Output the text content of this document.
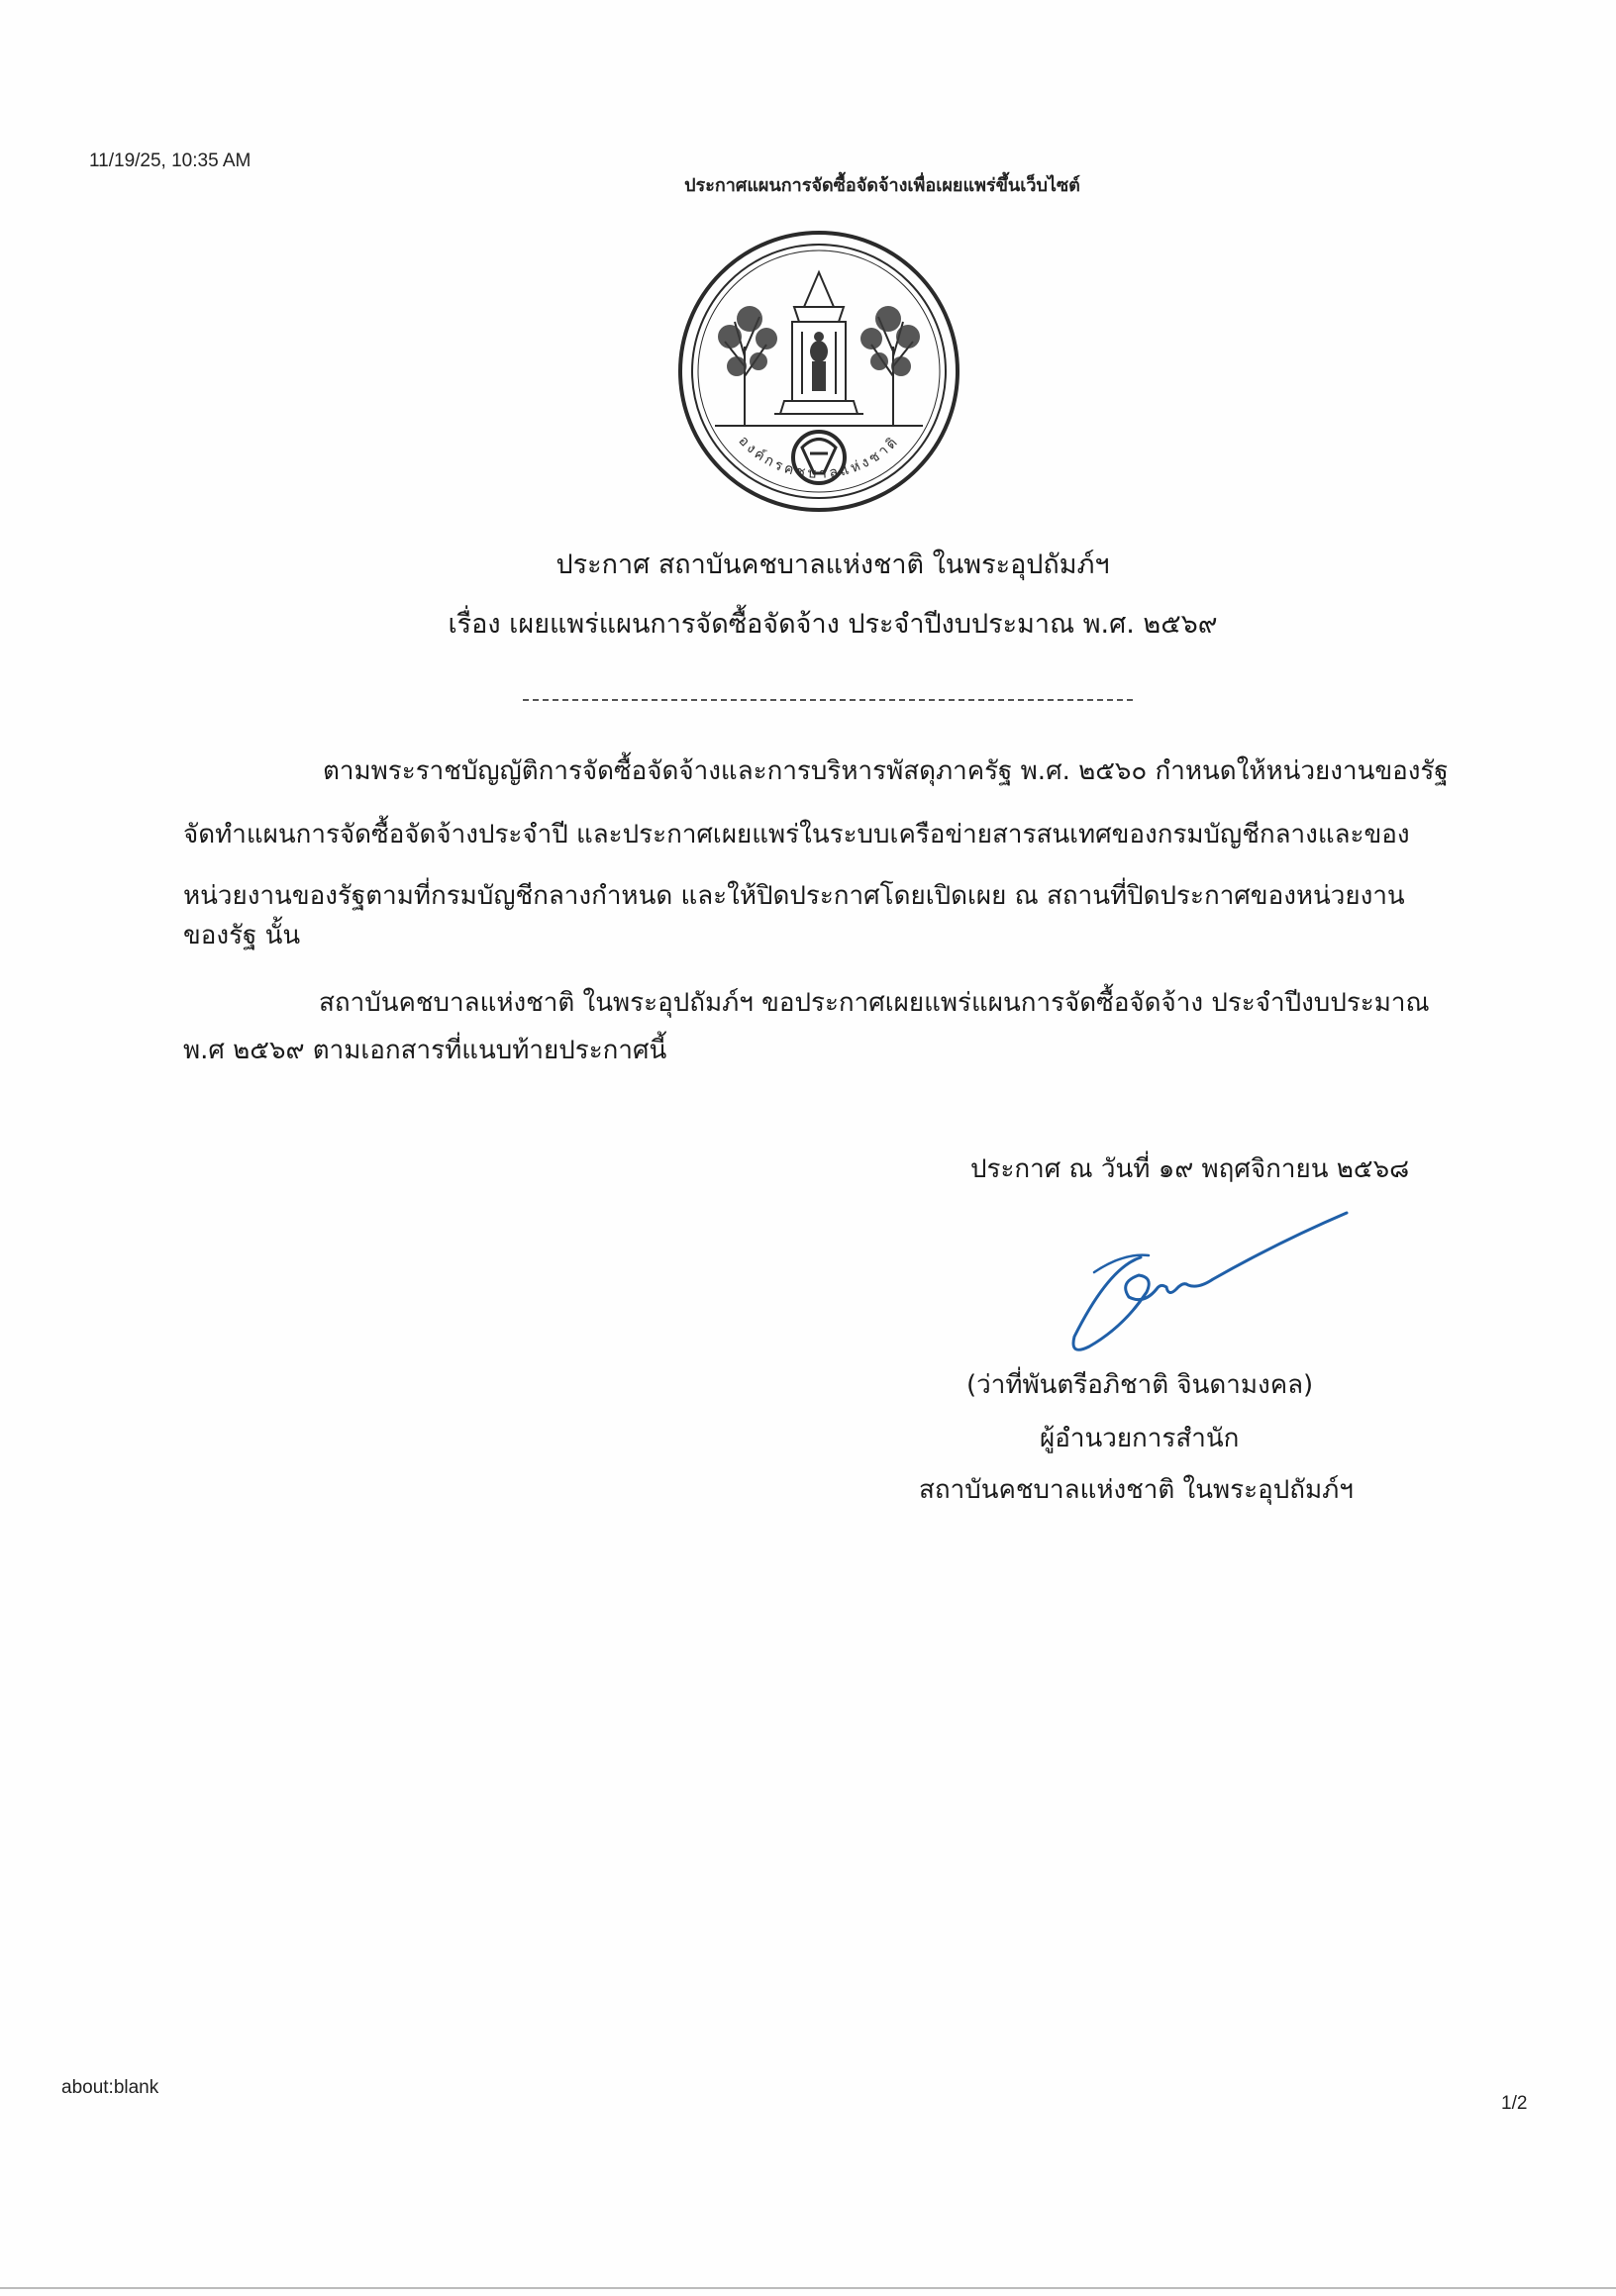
11/19/25, 10:35 AM
ประกาศแผนการจัดซื้อจัดจ้างเพื่อเผยแพร่ขึ้นเว็บไซต์
องค์กรคชบาลแห่งชาติ
ประกาศ สถาบันคชบาลแห่งชาติ ในพระอุปถัมภ์ฯ
เรื่อง เผยแพร่แผนการจัดซื้อจัดจ้าง ประจำปีงบประมาณ พ.ศ. ๒๕๖๙
ตามพระราชบัญญัติการจัดซื้อจัดจ้างและการบริหารพัสดุภาครัฐ พ.ศ. ๒๕๖๐ กำหนดให้หน่วยงานของรัฐ
จัดทำแผนการจัดซื้อจัดจ้างประจำปี และประกาศเผยแพร่ในระบบเครือข่ายสารสนเทศของกรมบัญชีกลางและของ
หน่วยงานของรัฐตามที่กรมบัญชีกลางกำหนด และให้ปิดประกาศโดยเปิดเผย ณ สถานที่ปิดประกาศของหน่วยงาน
ของรัฐ นั้น
สถาบันคชบาลแห่งชาติ ในพระอุปถัมภ์ฯ ขอประกาศเผยแพร่แผนการจัดซื้อจัดจ้าง ประจำปีงบประมาณ
พ.ศ ๒๕๖๙ ตามเอกสารที่แนบท้ายประกาศนี้
ประกาศ ณ วันที่ ๑๙ พฤศจิกายน ๒๕๖๘
(ว่าที่พันตรีอภิชาติ จินดามงคล)
ผู้อำนวยการสำนัก
สถาบันคชบาลแห่งชาติ ในพระอุปถัมภ์ฯ
about:blank
1/2
